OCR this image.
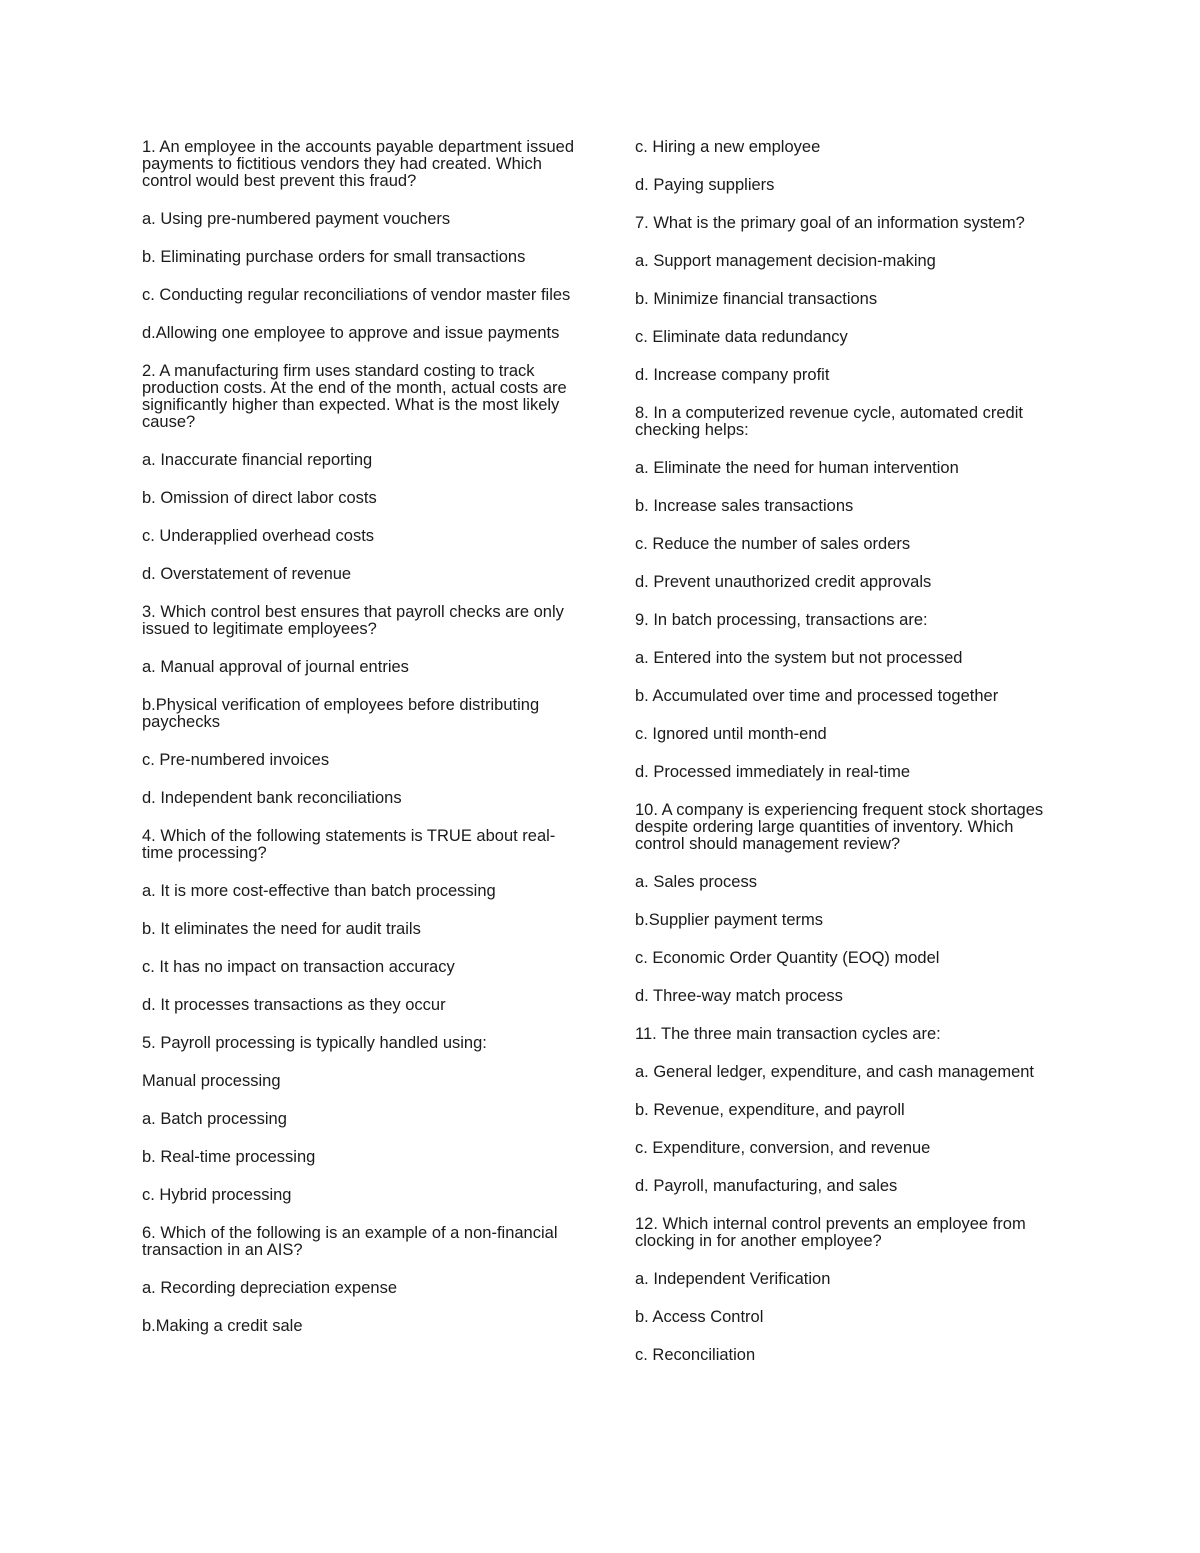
1. An employee in the accounts payable department issued payments to fictitious vendors they had created. Which control would best prevent this fraud?

a. Using pre-numbered payment vouchers

b. Eliminating purchase orders for small transactions

c. Conducting regular reconciliations of vendor master files

d.Allowing one employee to approve and issue payments

2. A manufacturing firm uses standard costing to track production costs. At the end of the month, actual costs are significantly higher than expected. What is the most likely cause?

a. Inaccurate financial reporting

b. Omission of direct labor costs

c. Underapplied overhead costs

d. Overstatement of revenue

3. Which control best ensures that payroll checks are only issued to legitimate employees?

a. Manual approval of journal entries

b.Physical verification of employees before distributing paychecks

c. Pre-numbered invoices

d. Independent bank reconciliations

4. Which of the following statements is TRUE about real-time processing?

a. It is more cost-effective than batch processing

b. It eliminates the need for audit trails

c. It has no impact on transaction accuracy

d. It processes transactions as they occur

5. Payroll processing is typically handled using:

Manual processing

a. Batch processing

b. Real-time processing

c. Hybrid processing

6. Which of the following is an example of a non-financial transaction in an AIS?

a. Recording depreciation expense

b.Making a credit sale

c. Hiring a new employee

d. Paying suppliers

7. What is the primary goal of an information system?

a. Support management decision-making

b. Minimize financial transactions

c. Eliminate data redundancy

d. Increase company profit

8. In a computerized revenue cycle, automated credit checking helps:

a. Eliminate the need for human intervention

b. Increase sales transactions

c. Reduce the number of sales orders

d. Prevent unauthorized credit approvals

9. In batch processing, transactions are:

a. Entered into the system but not processed

b. Accumulated over time and processed together

c. Ignored until month-end

d. Processed immediately in real-time

10. A company is experiencing frequent stock shortages despite ordering large quantities of inventory. Which control should management review?

a. Sales process

b.Supplier payment terms

c. Economic Order Quantity (EOQ) model

d. Three-way match process

11. The three main transaction cycles are:

a. General ledger, expenditure, and cash management

b. Revenue, expenditure, and payroll

c. Expenditure, conversion, and revenue

d. Payroll, manufacturing, and sales

12. Which internal control prevents an employee from clocking in for another employee?

a. Independent Verification

b. Access Control

c. Reconciliation
